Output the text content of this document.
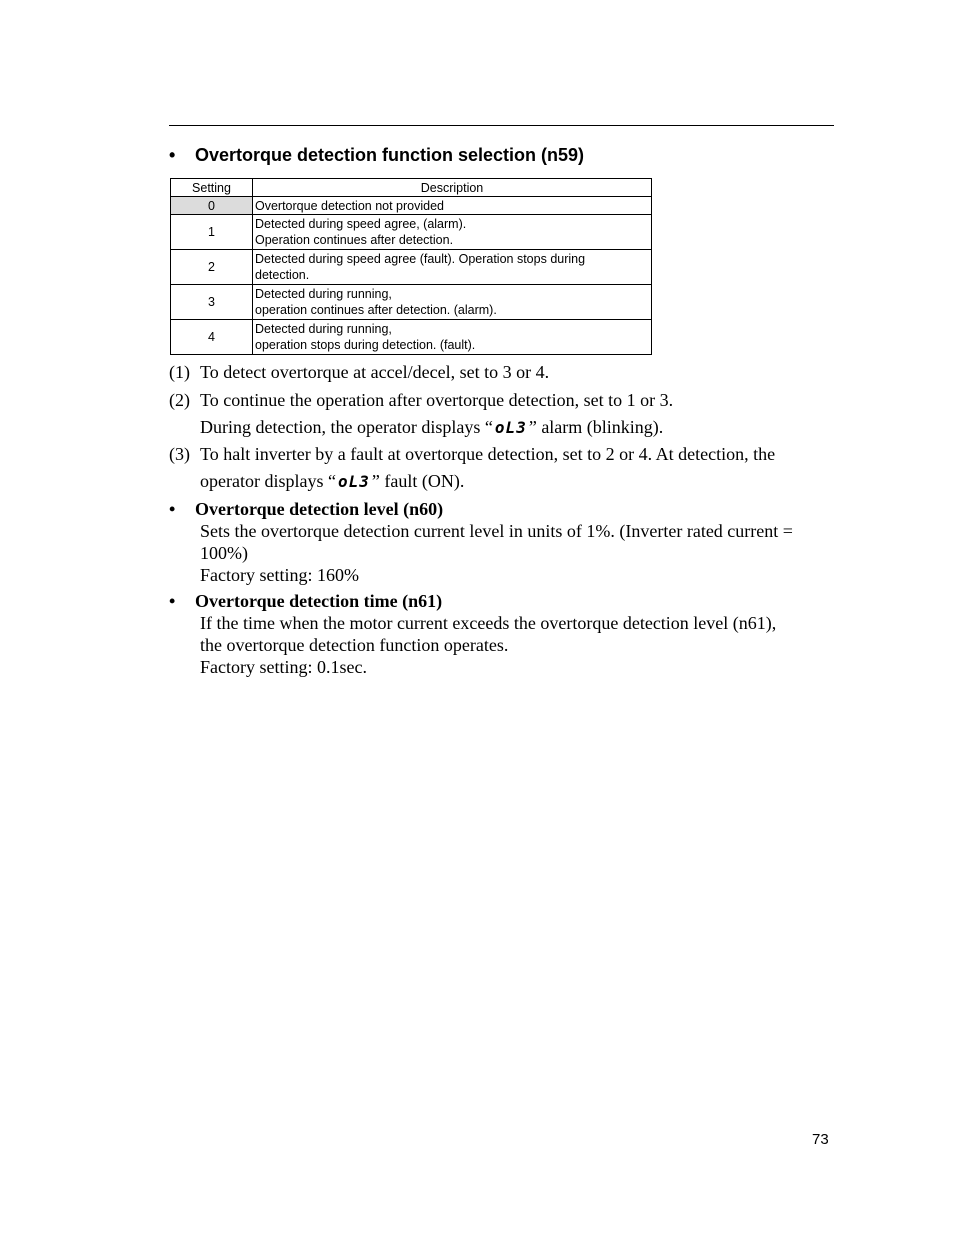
• Overtorque detection function selection (n59)
Setting	Description
0	Overtorque detection not provided
1	Detected during speed agree, (alarm).
Operation continues after detection.
2	Detected during speed agree (fault). Operation stops during
detection.
3	Detected during running,
operation continues after detection. (alarm).
4	Detected during running,
operation stops during detection. (fault).
(1) To detect overtorque at accel/decel, set to 3 or 4.
(2) To continue the operation after overtorque detection, set to 1 or 3.
During detection, the operator displays “ oL3 ” alarm (blinking).
(3) To halt inverter by a fault at overtorque detection, set to 2 or 4. At detection, the
operator displays “ oL3 ” fault (ON).
• Overtorque detection level (n60)
Sets the overtorque detection current level in units of 1%. (Inverter rated current =
100%)
Factory setting: 160%
• Overtorque detection time (n61)
If the time when the motor current exceeds the overtorque detection level (n61),
the overtorque detection function operates.
Factory setting: 0.1sec.
73
